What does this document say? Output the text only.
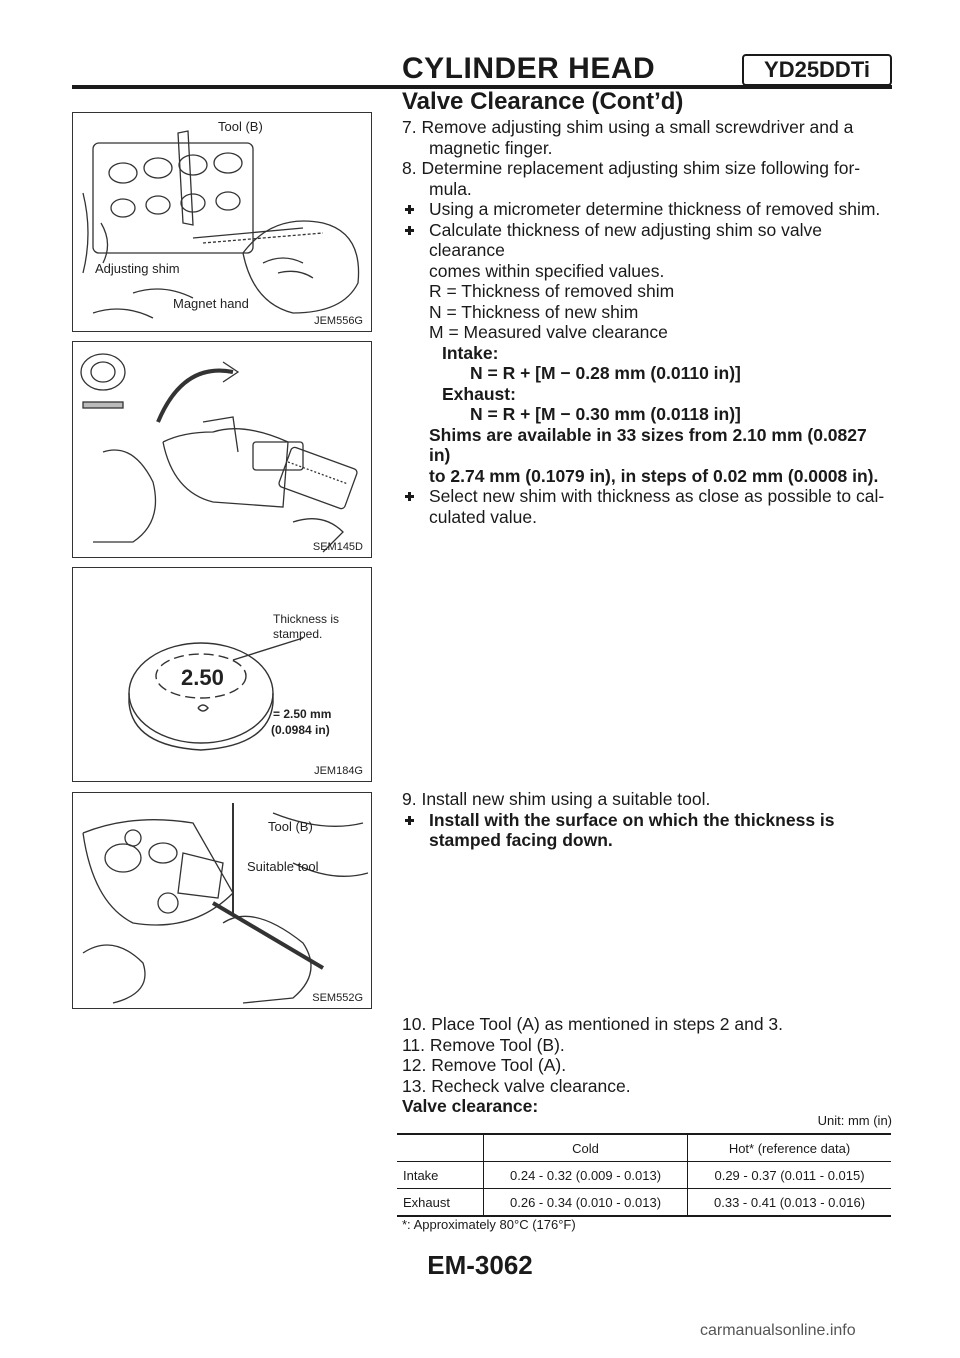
CYLINDER HEAD	YD25DDTi
Valve Clearance (Cont’d)
Tool (B)
Adjusting shim
Magnet hand
JEM556G
SEM145D
2.50
Thickness is
stamped.
= 2.50 mm
(0.0984 in)
JEM184G
Tool (B)
Suitable tool
SEM552G
7. Remove adjusting shim using a small screwdriver and a
magnetic finger.
8. Determine replacement adjusting shim size following for-
mula.
Using a micrometer determine thickness of removed shim.
Calculate thickness of new adjusting shim so valve clearance
comes within specified values.
R = Thickness of removed shim
N = Thickness of new shim
M = Measured valve clearance
Intake:
N = R + [M − 0.28 mm (0.0110 in)]
Exhaust:
N = R + [M − 0.30 mm (0.0118 in)]
Shims are available in 33 sizes from 2.10 mm (0.0827 in)
to 2.74 mm (0.1079 in), in steps of 0.02 mm (0.0008 in).
Select new shim with thickness as close as possible to cal-
culated value.
9. Install new shim using a suitable tool.
Install with the surface on which the thickness is
stamped facing down.
10. Place Tool (A) as mentioned in steps 2 and 3.
11. Remove Tool (B).
12. Remove Tool (A).
13. Recheck valve clearance.
Valve clearance:
Unit: mm (in)
	Cold	Hot* (reference data)
Intake	0.24 - 0.32 (0.009 - 0.013)	0.29 - 0.37 (0.011 - 0.015)
Exhaust	0.26 - 0.34 (0.010 - 0.013)	0.33 - 0.41 (0.013 - 0.016)
*: Approximately 80°C (176°F)
EM-3062
carmanualsonline.info
